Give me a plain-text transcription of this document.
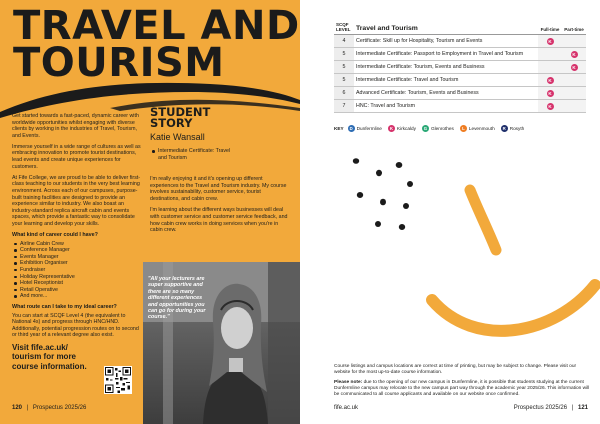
TRAVEL AND
TOURISM

Get started towards a fast-paced, dynamic career with worldwide opportunities whilst engaging with diverse clients by working in the industries of Travel, Tourism, and Events.

Immerse yourself in a wide range of cultures as well as embracing innovation to promote tourist destinations, lead events and create unique experiences for customers.

At Fife College, we are proud to be able to deliver first-class teaching to our students in the very best learning environment. Across each of our campuses, purpose-built training facilities are designed to provide an experience similar to industry. We also boast an industry-standard replica aircraft cabin and events spaces, which provide a fantastic way to consolidate your learning and develop your skills.

What kind of career could I have?
Airline Cabin Crew
Conference Manager
Events Manager
Exhibition Organiser
Fundraiser
Holiday Representative
Hotel Receptionist
Retail Operative
And more...
What route can I take to my ideal career?

You can start at SCQF Level 4 (the equivalent to National 4s) and progress through HNC/HND. Additionally, potential progression routes on to second or third year of a relevant degree also exist.

Visit fife.ac.uk/
tourism for more
course information.
STUDENT
STORY
Katie Wansall
Intermediate Certificate: Travel and Tourism

I'm really enjoying it and it's opening up different experiences to the Travel and Tourism industry. My course involves sustainability, customer service, tourist destinations, and cabin crew.

I'm learning about the different ways businesses will deal with customer service and customer service feedback, and how cabin crew works in doing services when you're in cabin crew.

"All your lecturers are super supportive and there are so many different experiences and opportunities you can go for during your course."
120 | Prospectus 2025/26
SCQF LEVEL	Travel and Tourism	Full-time	Part-time
4	Certificate: Skill up for Hospitality, Tourism and Events	K	
5	Intermediate Certificate: Passport to Employment in Travel and Tourism		K
5	Intermediate Certificate: Tourism, Events and Business		K
5	Intermediate Certificate: Travel and Tourism	K	
6	Advanced Certificate: Tourism, Events and Business	K	
7	HNC: Travel and Tourism	K	
KEY	D Dunfermline	K Kirkcaldy	G Glenrothes	L Levenmouth	R Rosyth

Course listings and campus locations are correct at time of printing, but may be subject to change. Please visit our website for the most up-to-date course information.

Please note: due to the opening of our new campus in Dunfermline, it is possible that students studying at the current Dunfermline campus may relocate to the new campus part way through the academic year 2025/26. This information will be communicated to all course applicants and available on our website once confirmed.

fife.ac.uk	Prospectus 2025/26 | 121
